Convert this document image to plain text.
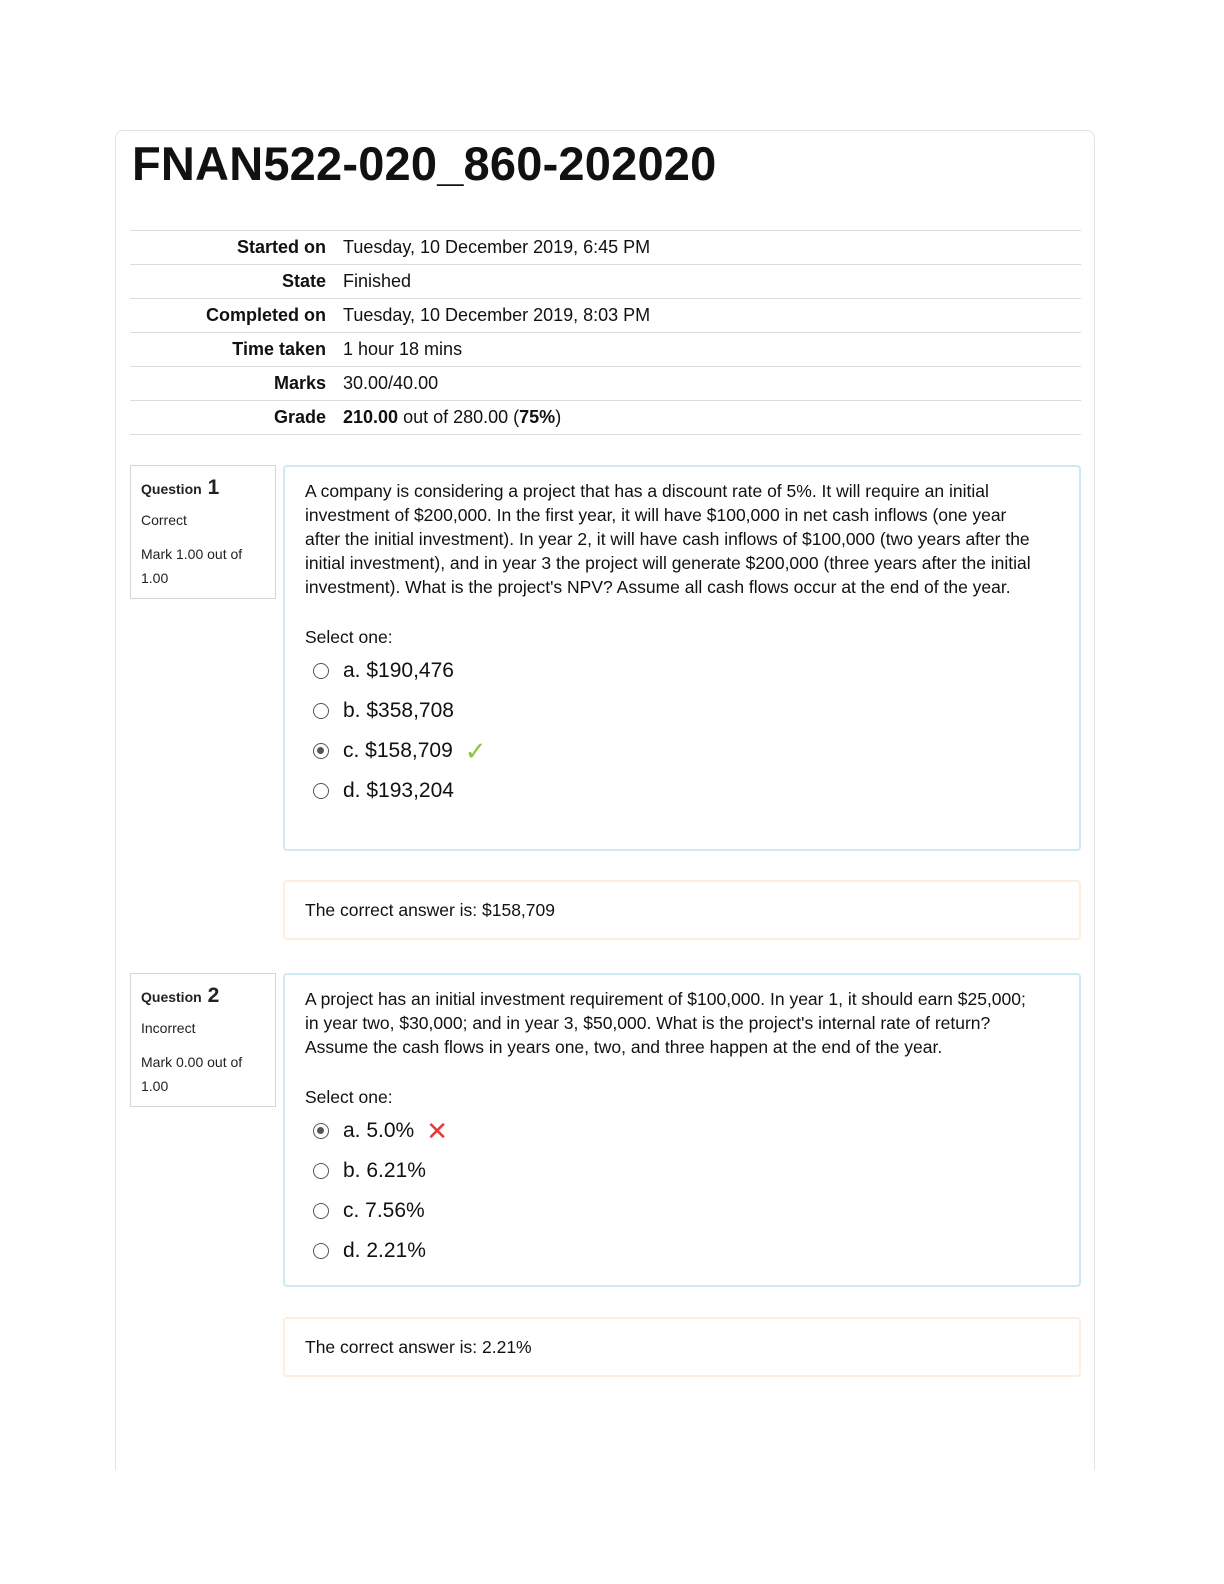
FNAN522-020_860-202020
Started on	Tuesday, 10 December 2019, 6:45 PM
State	Finished
Completed on	Tuesday, 10 December 2019, 8:03 PM
Time taken	1 hour 18 mins
Marks	30.00/40.00
Grade	210.00 out of 280.00 (75%)
Question 1
Correct
Mark 1.00 out of 1.00

A company is considering a project that has a discount rate of 5%. It will require an initial investment of $200,000. In the first year, it will have $100,000 in net cash inflows (one year after the initial investment). In year 2, it will have cash inflows of $100,000 (two years after the initial investment), and in year 3 the project will generate $200,000 (three years after the initial investment). What is the project's NPV? Assume all cash flows occur at the end of the year.

Select one:
a. $190,476
b. $358,708
c. $158,709 ✓
d. $193,204
The correct answer is: $158,709
Question 2
Incorrect
Mark 0.00 out of 1.00

A project has an initial investment requirement of $100,000. In year 1, it should earn $25,000; in year two, $30,000; and in year 3, $50,000. What is the project's internal rate of return? Assume the cash flows in years one, two, and three happen at the end of the year.

Select one:
a. 5.0% ✕
b. 6.21%
c. 7.56%
d. 2.21%
The correct answer is: 2.21%
